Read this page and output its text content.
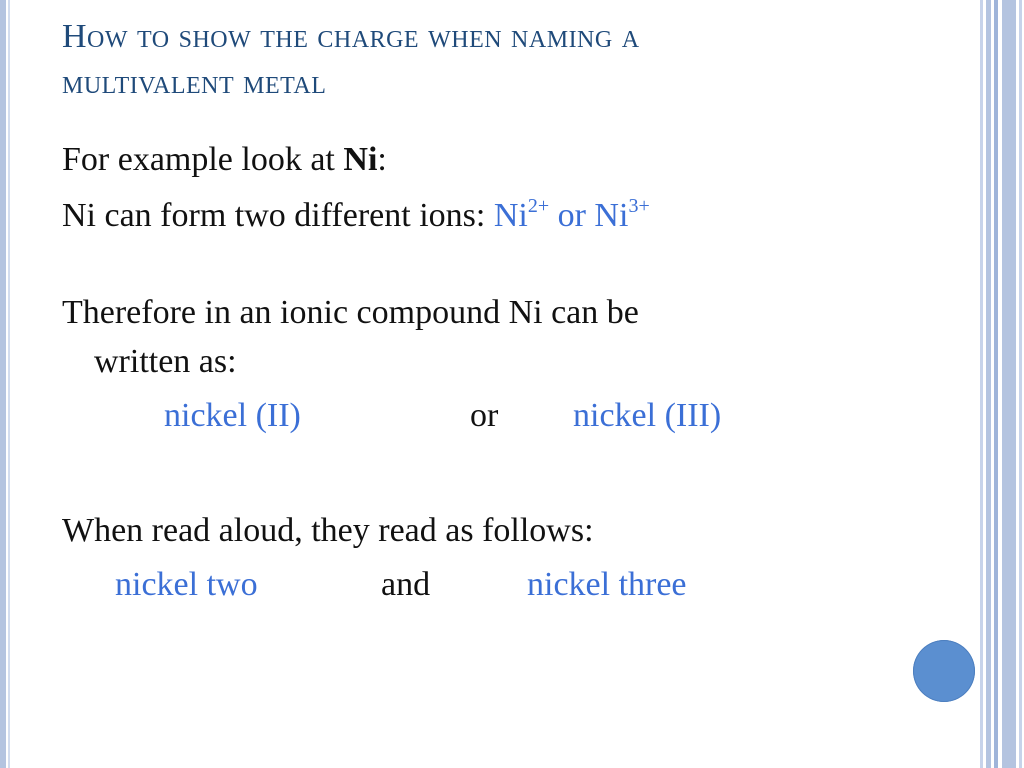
How to show the charge when naming a
multivalent metal
For example look at Ni:
Ni can form two different ions: $Ni^{2+}$ or $Ni^{3+}$
Therefore in an ionic compound Ni can be
written as:
nickel (II)	or nickel (III)
When read aloud, they read as follows:
nickel two	and	nickel three
